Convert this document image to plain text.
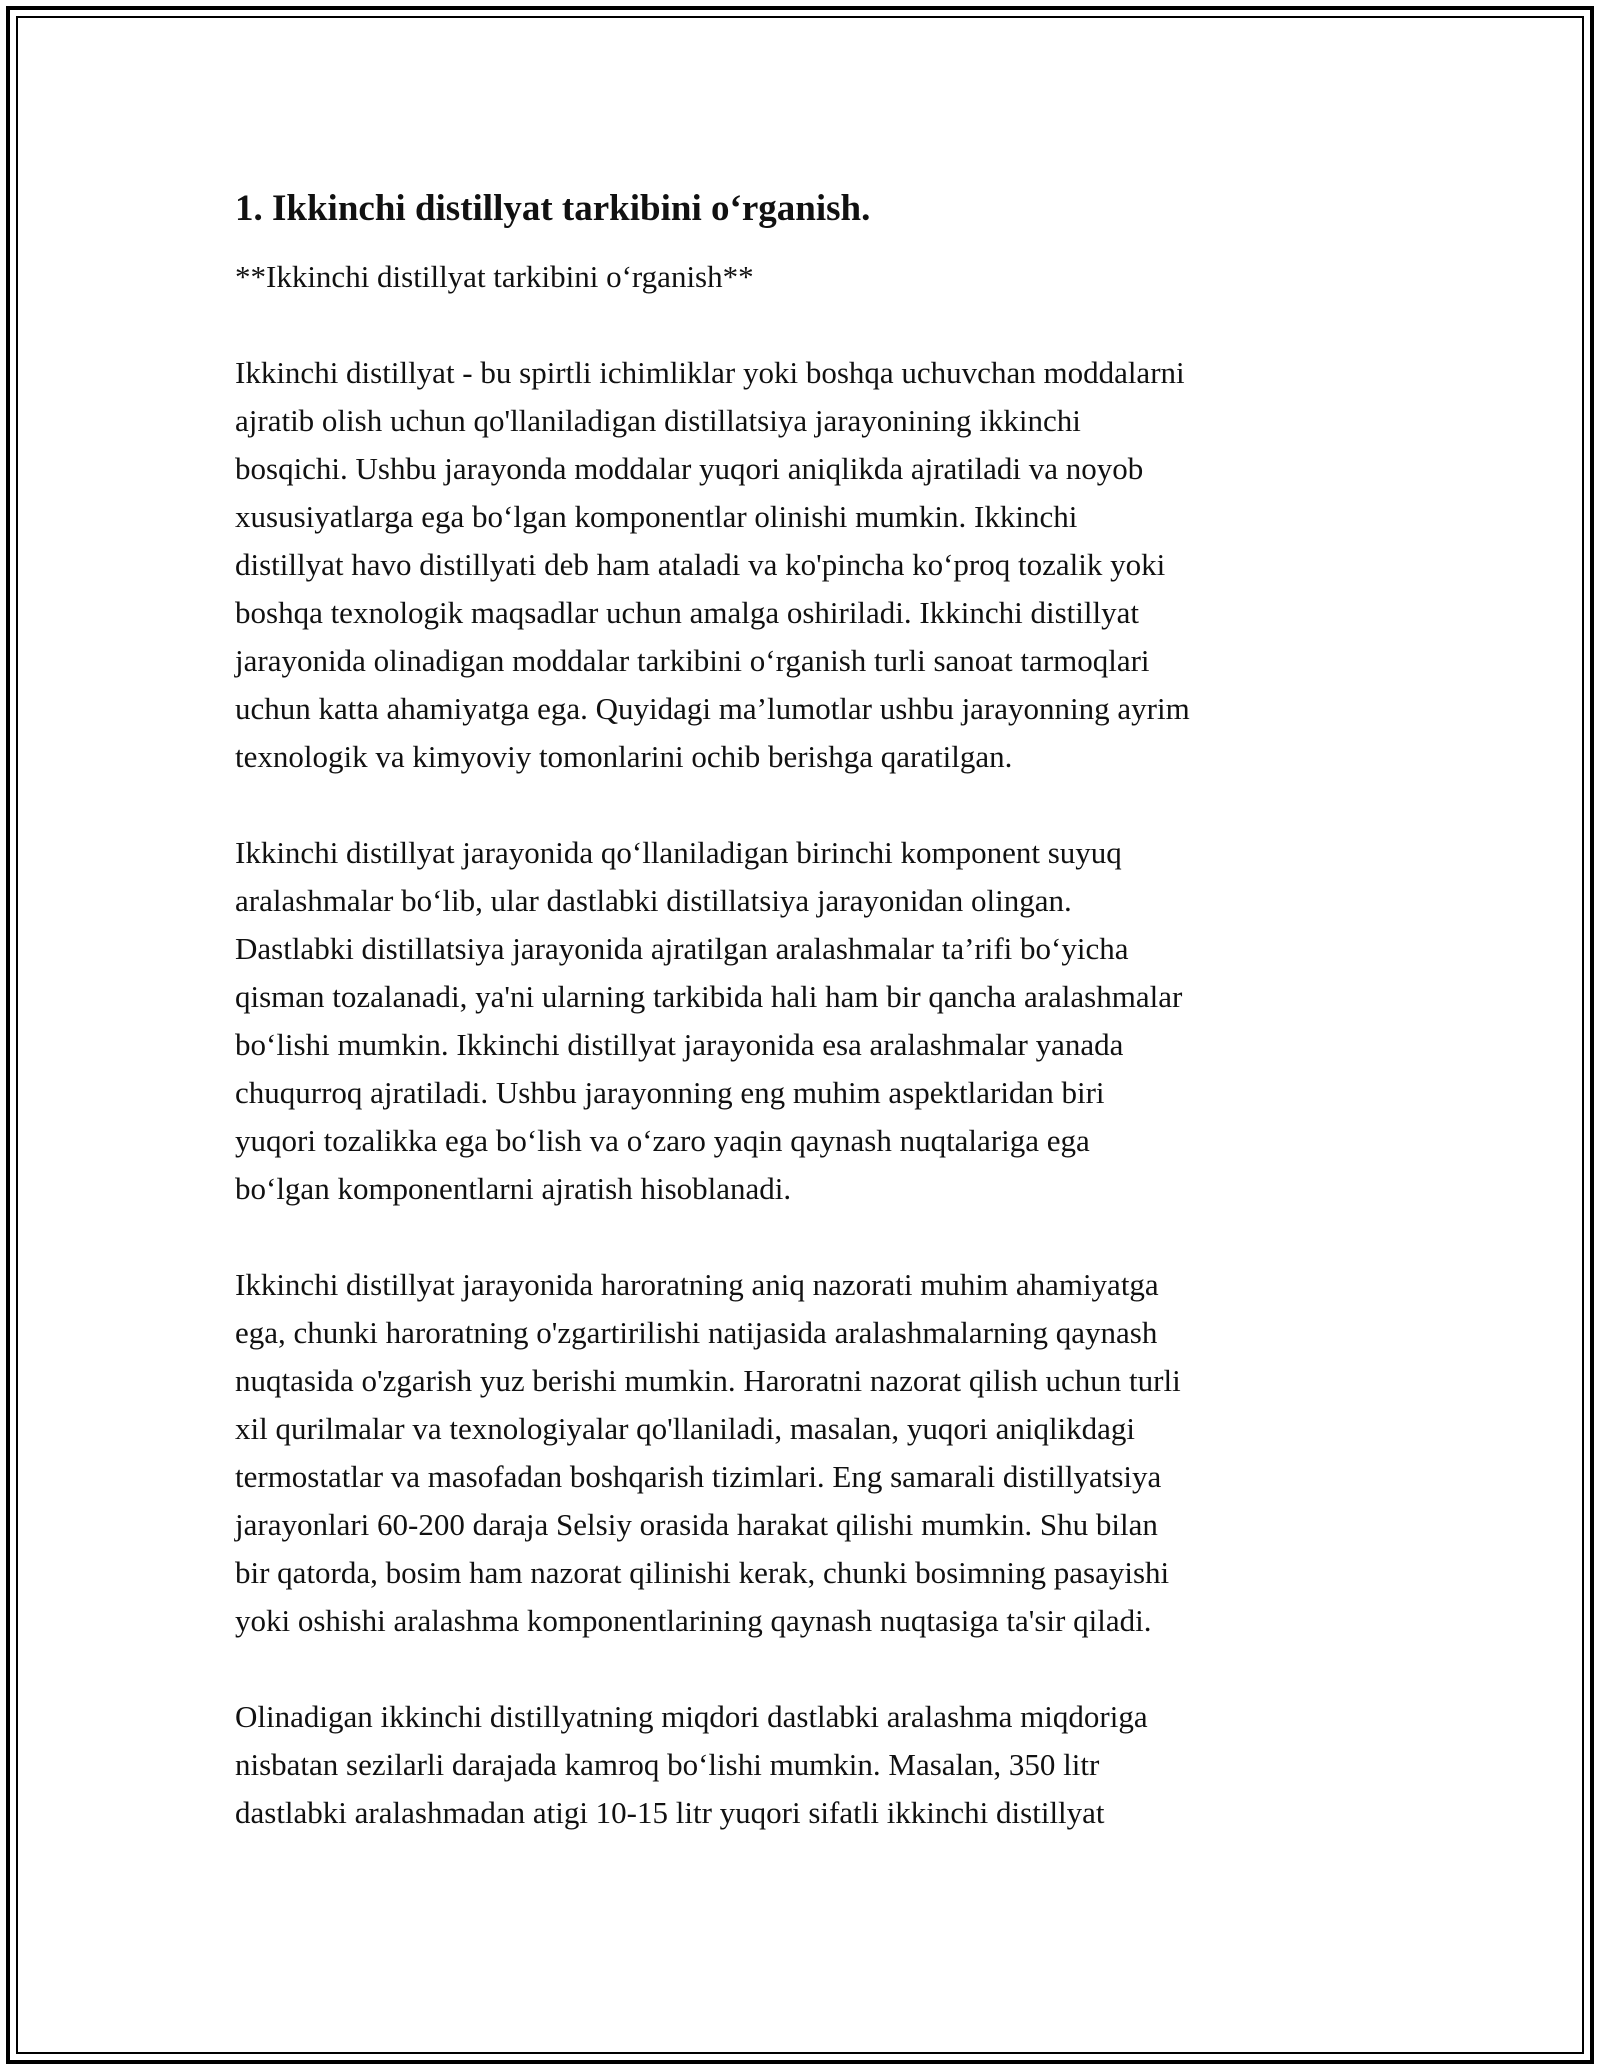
1. Ikkinchi distillyat tarkibini o‘rganish.
**Ikkinchi distillyat tarkibini o‘rganish**
Ikkinchi distillyat - bu spirtli ichimliklar yoki boshqa uchuvchan moddalarni
ajratib olish uchun qo'llaniladigan distillatsiya jarayonining ikkinchi
bosqichi. Ushbu jarayonda moddalar yuqori aniqlikda ajratiladi va noyob
xususiyatlarga ega bo‘lgan komponentlar olinishi mumkin. Ikkinchi
distillyat havo distillyati deb ham ataladi va ko'pincha ko‘proq tozalik yoki
boshqa texnologik maqsadlar uchun amalga oshiriladi. Ikkinchi distillyat
jarayonida olinadigan moddalar tarkibini o‘rganish turli sanoat tarmoqlari
uchun katta ahamiyatga ega. Quyidagi ma’lumotlar ushbu jarayonning ayrim
texnologik va kimyoviy tomonlarini ochib berishga qaratilgan.
Ikkinchi distillyat jarayonida qo‘llaniladigan birinchi komponent suyuq
aralashmalar bo‘lib, ular dastlabki distillatsiya jarayonidan olingan.
Dastlabki distillatsiya jarayonida ajratilgan aralashmalar ta’rifi bo‘yicha
qisman tozalanadi, ya'ni ularning tarkibida hali ham bir qancha aralashmalar
bo‘lishi mumkin. Ikkinchi distillyat jarayonida esa aralashmalar yanada
chuqurroq ajratiladi. Ushbu jarayonning eng muhim aspektlaridan biri
yuqori tozalikka ega bo‘lish va o‘zaro yaqin qaynash nuqtalariga ega
bo‘lgan komponentlarni ajratish hisoblanadi.
Ikkinchi distillyat jarayonida haroratning aniq nazorati muhim ahamiyatga
ega, chunki haroratning o'zgartirilishi natijasida aralashmalarning qaynash
nuqtasida o'zgarish yuz berishi mumkin. Haroratni nazorat qilish uchun turli
xil qurilmalar va texnologiyalar qo'llaniladi, masalan, yuqori aniqlikdagi
termostatlar va masofadan boshqarish tizimlari. Eng samarali distillyatsiya
jarayonlari 60-200 daraja Selsiy orasida harakat qilishi mumkin. Shu bilan
bir qatorda, bosim ham nazorat qilinishi kerak, chunki bosimning pasayishi
yoki oshishi aralashma komponentlarining qaynash nuqtasiga ta'sir qiladi.
Olinadigan ikkinchi distillyatning miqdori dastlabki aralashma miqdoriga
nisbatan sezilarli darajada kamroq bo‘lishi mumkin. Masalan, 350 litr
dastlabki aralashmadan atigi 10-15 litr yuqori sifatli ikkinchi distillyat
